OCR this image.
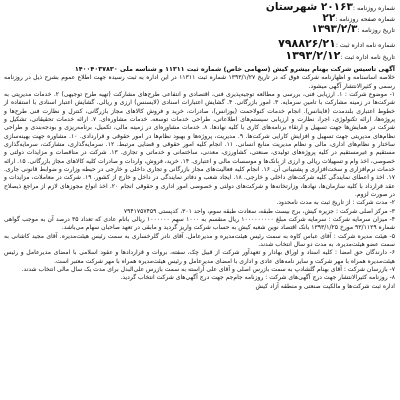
شماره روزنامه :
۲۰۱۶۳ شهرستان
شماره صفحه روزنامه :
۲۲
تاریخ روزنامه :
۱۳۹۳/۲/۳
شماره نامه اداره ثبت :
۷۹۸۸۲۶/۲۱
تاریخ نامه اداره ثبت :
۱۳۹۳/۲/۱۲
آگهی تاسیس شرکت بهنام بیشرو کیش (سهامی خاص) شماره ثبت ۱۱۳۱۱ و شناسه ملی ۱۴۰۰۴۰۳۷۸۳۰

خلاصه اساسنامه و اظهارنامه شرکت فوق که در تاریخ ۱۳۹۳/۱/۲۷ شماره ثبت ۱۱۳۱۱ در این اداره به ثبت رسیده جهت اطلاع عموم بشرح ذیل در روزنامه رسمی و کثیرالانتشار آگهی میشود.

۱- موضوع شرکت : ۱. ارزیابی فنی، بررسی و مطالعه توجیه‌پذیری فنی، اقتصادی و انتفاعی طرح‌های مشارکت (تهیه طرح توجیهی) ۲. خدمات مدیریتی به شرکت‌ها در زمینه مشارکت با تامین سرمایه. ۳. امور بازرگانی. ۴. گشایش اعتبارات اسنادی (لایسنس) ارزی و ریالی. گشایش اعتبار اسنادی با استفاده از خطوط اعتباری بلندمدت (فاینانس). انجام خدمات کنولاحمت (یوزانس)، صادرات، خرید و فروش کالاهای مجاز بازرگانی، کنترل و نظارت فنی طرح‌ها و پروژه‌ها، ارائه تکنولوژی، اجرا، نظارت و ارزیابی سیستم‌های اطلاعاتی، طراحی خدمات توسعه. خدمات مشاوره‌ای. ۷. ارائه خدمات تحقیقاتی، تشکیل و شرکت در همایش‌ها جهت تسهیل و ارتقاء برنامه‌های کاری با کلیه نهادها. ۸. خدمات مشاوره‌ای در زمینه مالی، تکمیل، برنامه‌ریزی و بودجه‌بندی و طراحی نظام‌های مدیریتی جهت تسهیل و افزایش کارایی شرکت‌ها. ۹. مدیریت، پروژه‌ها و بهبود نظام‌ها در امور حقوقی و قراردادی. ۱۰. مشاوره جهت بهینه‌سازی ساختار و نظام‌های اداری، مالی و نظام مدیریت منابع انسانی. ۱۱. انجام کلیه امور حقوقی و قضایی مرتبط. ۱۲. سرمایه‌گذاری، مشارکت، سرمایه‌گذاری مستقیم و غیرمستقیم در کلیه پروژه‌های تولیدی، صنعتی، کشاورزی، معدنی، ساختمانی و خدماتی و تجاری. ۱۳. شرکت در مناقصات و مزایدات دولتی و خصوصی، اخذ وام و تسهیلات ریالی و ارزی از بانک‌ها و موسسات مالی و اعتباری. ۱۴. خرید، فروش، واردات و صادرات کلیه کالاهای مجاز بازرگانی. ۱۵. ارائه خدمات نرم‌افزاری و سخت‌افزاری و پشتیبانی آن. ۱۶. انجام کلیه فعالیت‌های مجاز بازرگانی و تجاری داخلی و خارجی در حیطه وزارت و ضوابط قانونی جاری. ۱۷. اخذ و اعطای نمایندگی کلیه شرکت‌های داخلی و خارجی. ۱۸. ایجاد شعب و دفاتر نمایندگی در داخل و خارج از کشور. ۱۹. شرکت در معاملات، مزایدات و عقد قرارداد با کلیه سازمان‌ها، نهادها، وزارتخانه‌ها و شرکت‌های دولتی و خصوصی امور اداری و حقوقی انجام ۲۰. اخذ انواع مجوزهای لازم از مراجع ذیصلاح در صورت لزوم.

۲- مدت شرکت : از تاریخ ثبت به مدت نامحدود.

۳- مرکز اصلی شرکت : جزیره کیش، برج بیست طبقه، سعادت طبقه سوم، واحد ۳۰۱، کدپستی ۷۹۴۱۷۵۷۴۵۹

۴- میزان سرمایه شرکت : سرمایه شرکت مبلغ ۱۰۰۰۰۰۰۰۰۰ ریال منقسم به ۱۰۰۰ سهم ۱۰۰۰۰۰۰ ریالی بانام عادی که تعداد ۳۵ درصد آن به موجب گواهی شماره ۹۳/۱۱۲۹ مورخ ۱۳۹۳/۱/۲۵ بانک اقتصاد نوین شعبه کیش به حساب شرکت واریز گردید و مابقی در تعهد صاحبان سهام می‌باشد.

۵- هیئت مدیره شرکت : آقای عباس کاوه به سمت رئیس هیئت‌مدیره و مدیرعامل. آقای نادر گلرخساری به سمت رئیس هیئت‌مدیره. آقای مجید کاشانی به سمت عضو هیئت‌مدیره. به مدت دو سال انتخاب شدند.

۶- دارندگان حق امضا : کلیه اسناد و اوراق بهادار و تعهدآور شرکت از قبیل چک، سفته، بروات و قراردادها و عقود اسلامی با امضای مدیرعامل و رئیس هیئت‌مدیره همراه با مهر شرکت و سایر نامه‌های عادی و اداری با امضای مدیرعامل و رئیس هیئت‌مدیره همراه با مهر شرکت معتبر است.

۷- بازرسان شرکت : آقای بهنام گلشادپ به سمت بازرس اصلی و آقای علی آراسته به سمت بازرس علی‌البدل برای مدت یک سال مالی انتخاب شدند.

۸- روزنامه کثیرالانتشار جهت درج آگهی‌های شرکت : روزنامه جام‌جم جهت درج آگهی‌های شرکت انتخاب گردید.

اداره ثبت شرکت‌ها و مالکیت صنعتی و منطقه آزاد کیش
